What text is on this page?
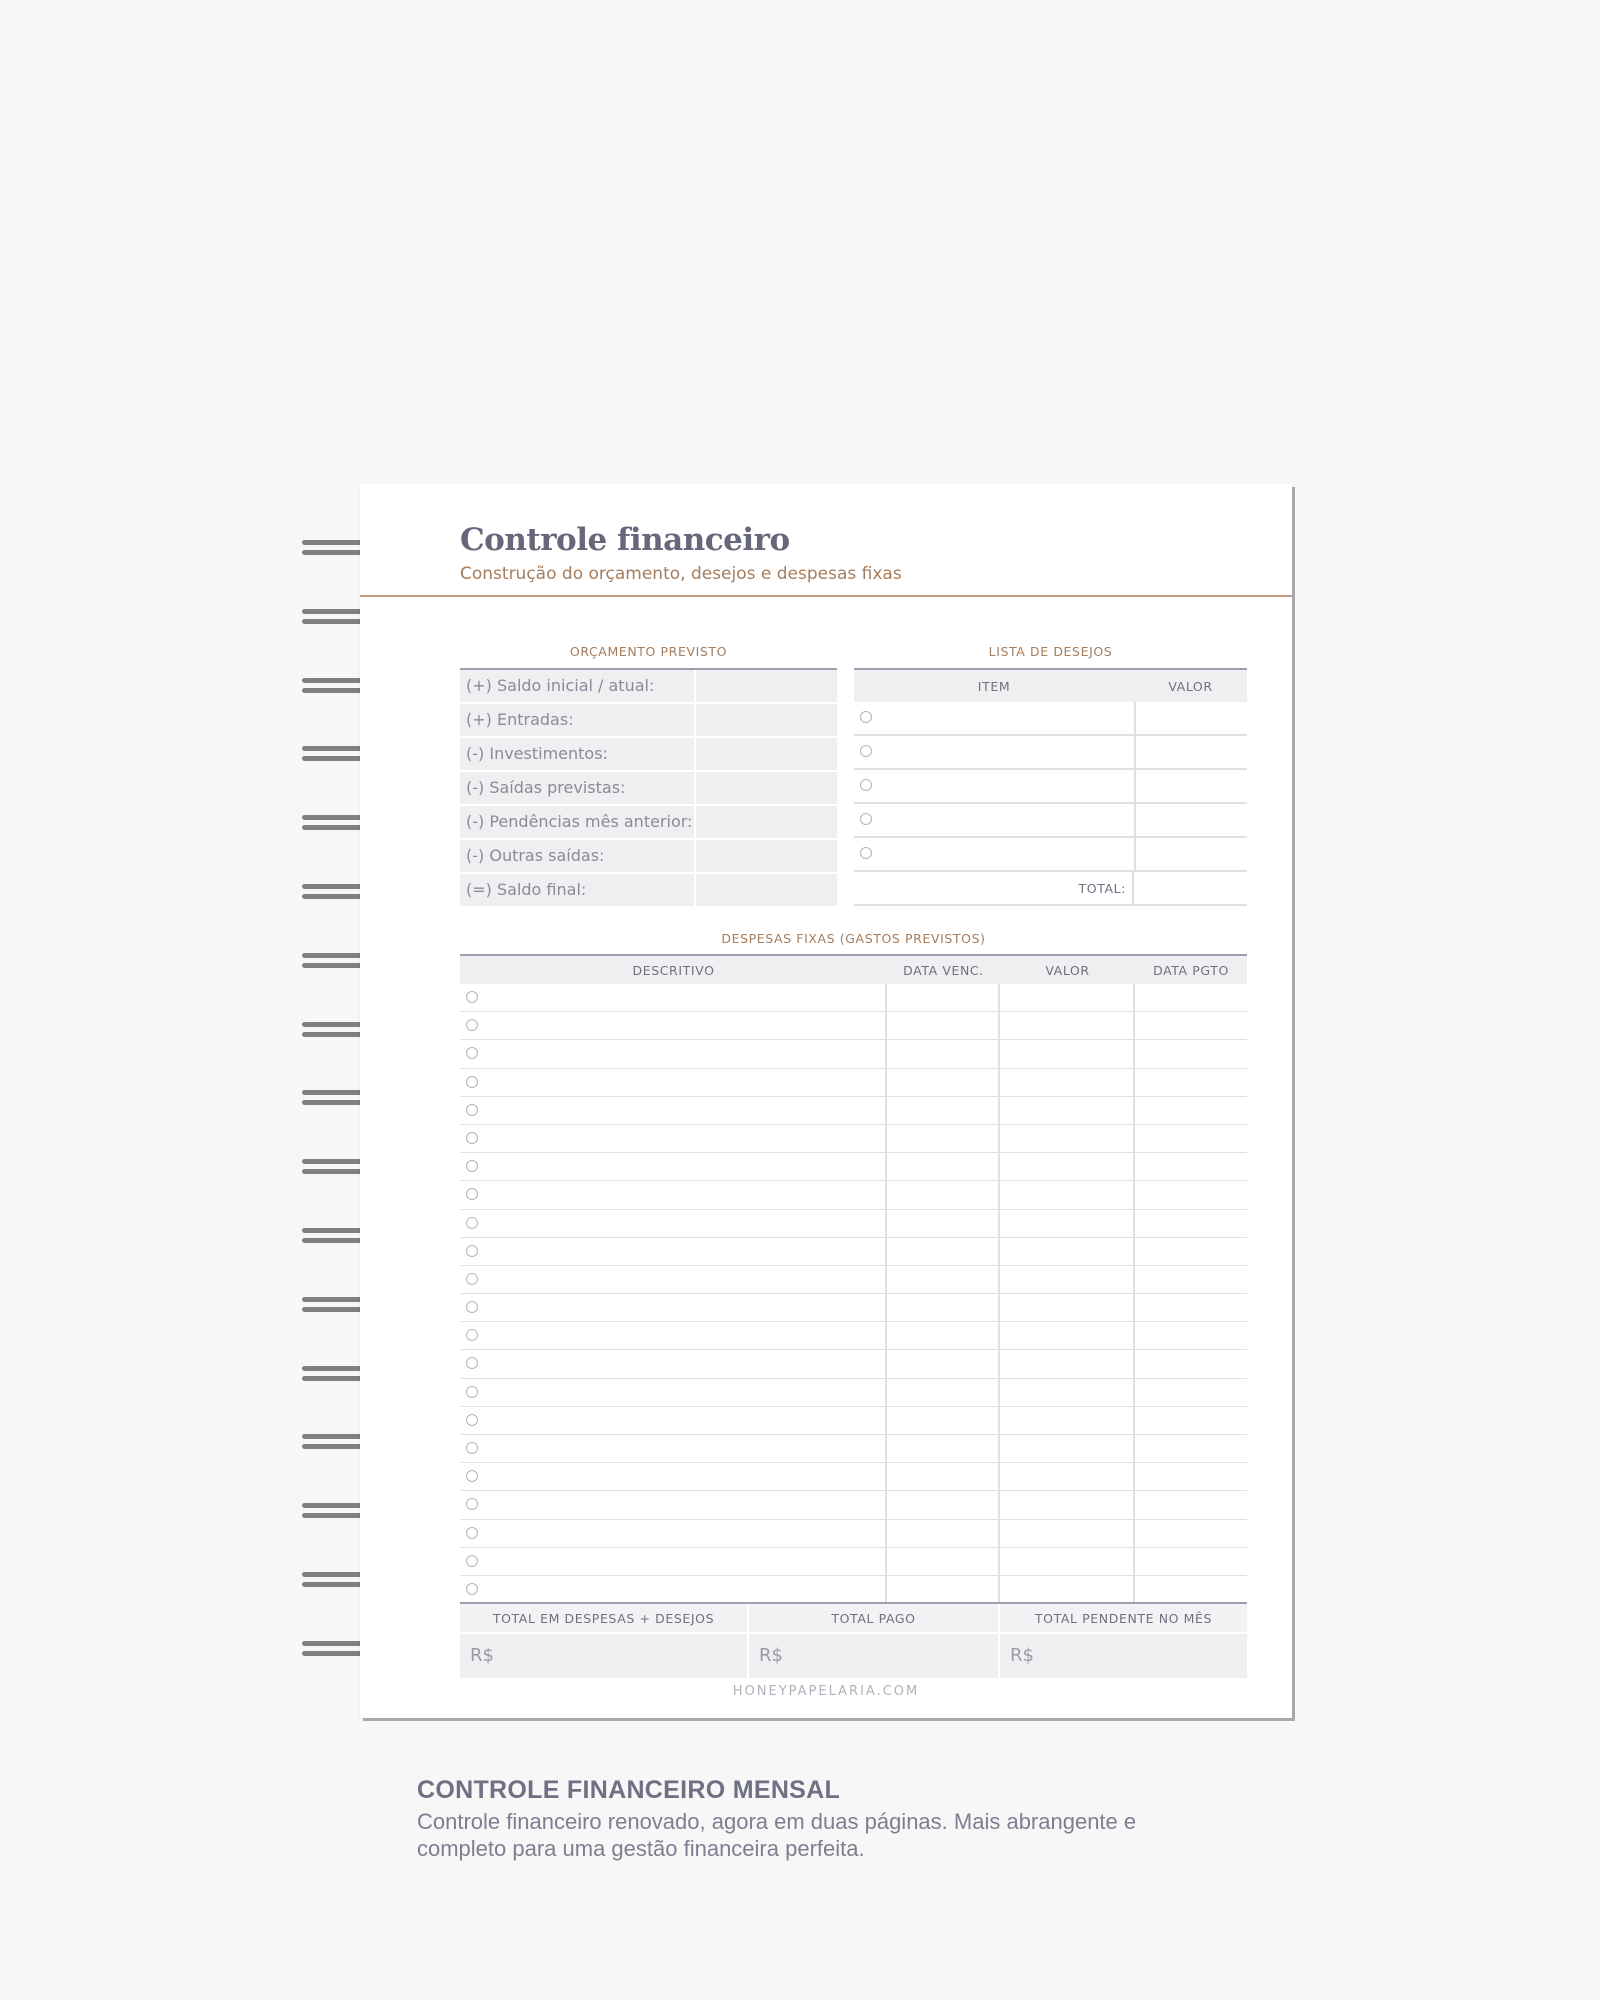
Controle financeiro
Construção do orçamento, desejos e despesas fixas
ORÇAMENTO PREVISTO
(+) Saldo inicial / atual:
(+) Entradas:
(-) Investimentos:
(-) Saídas previstas:
(-) Pendências mês anterior:
(-) Outras saídas:
(=) Saldo final:
LISTA DE DESEJOS
ITEM	VALOR
TOTAL:
DESPESAS FIXAS (GASTOS PREVISTOS)
DESCRITIVO	DATA VENC.	VALOR	DATA PGTO
TOTAL EM DESPESAS + DESEJOS	TOTAL PAGO	TOTAL PENDENTE NO MÊS
R$	R$	R$
HONEYPAPELARIA.COM
CONTROLE FINANCEIRO MENSAL
Controle financeiro renovado, agora em duas páginas. Mais abrangente e completo para uma gestão financeira perfeita.
